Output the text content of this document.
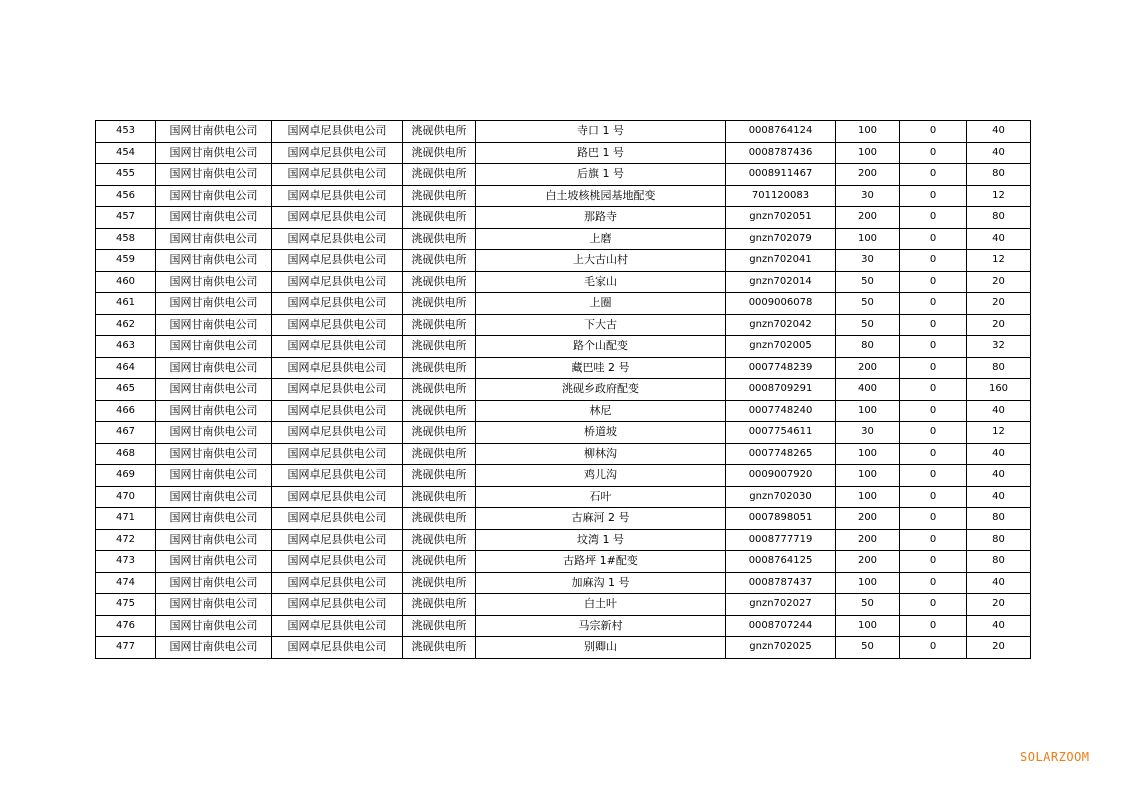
453	国网甘南供电公司	国网卓尼县供电公司	洮砚供电所	寺口 1 号	0008764124	100	0	40
454	国网甘南供电公司	国网卓尼县供电公司	洮砚供电所	路巴 1 号	0008787436	100	0	40
455	国网甘南供电公司	国网卓尼县供电公司	洮砚供电所	后旗 1 号	0008911467	200	0	80
456	国网甘南供电公司	国网卓尼县供电公司	洮砚供电所	白土坡核桃园基地配变	701120083	30	0	12
457	国网甘南供电公司	国网卓尼县供电公司	洮砚供电所	那路寺	gnzn702051	200	0	80
458	国网甘南供电公司	国网卓尼县供电公司	洮砚供电所	上磨	gnzn702079	100	0	40
459	国网甘南供电公司	国网卓尼县供电公司	洮砚供电所	上大古山村	gnzn702041	30	0	12
460	国网甘南供电公司	国网卓尼县供电公司	洮砚供电所	毛家山	gnzn702014	50	0	20
461	国网甘南供电公司	国网卓尼县供电公司	洮砚供电所	上圈	0009006078	50	0	20
462	国网甘南供电公司	国网卓尼县供电公司	洮砚供电所	下大古	gnzn702042	50	0	20
463	国网甘南供电公司	国网卓尼县供电公司	洮砚供电所	路个山配变	gnzn702005	80	0	32
464	国网甘南供电公司	国网卓尼县供电公司	洮砚供电所	藏巴哇 2 号	0007748239	200	0	80
465	国网甘南供电公司	国网卓尼县供电公司	洮砚供电所	洮砚乡政府配变	0008709291	400	0	160
466	国网甘南供电公司	国网卓尼县供电公司	洮砚供电所	林尼	0007748240	100	0	40
467	国网甘南供电公司	国网卓尼县供电公司	洮砚供电所	桥道坡	0007754611	30	0	12
468	国网甘南供电公司	国网卓尼县供电公司	洮砚供电所	柳林沟	0007748265	100	0	40
469	国网甘南供电公司	国网卓尼县供电公司	洮砚供电所	鸡儿沟	0009007920	100	0	40
470	国网甘南供电公司	国网卓尼县供电公司	洮砚供电所	石叶	gnzn702030	100	0	40
471	国网甘南供电公司	国网卓尼县供电公司	洮砚供电所	古麻河 2 号	0007898051	200	0	80
472	国网甘南供电公司	国网卓尼县供电公司	洮砚供电所	坟湾 1 号	0008777719	200	0	80
473	国网甘南供电公司	国网卓尼县供电公司	洮砚供电所	古路坪 1#配变	0008764125	200	0	80
474	国网甘南供电公司	国网卓尼县供电公司	洮砚供电所	加麻沟 1 号	0008787437	100	0	40
475	国网甘南供电公司	国网卓尼县供电公司	洮砚供电所	白土叶	gnzn702027	50	0	20
476	国网甘南供电公司	国网卓尼县供电公司	洮砚供电所	马宗新村	0008707244	100	0	40
477	国网甘南供电公司	国网卓尼县供电公司	洮砚供电所	别卿山	gnzn702025	50	0	20
SOLARZOOM
